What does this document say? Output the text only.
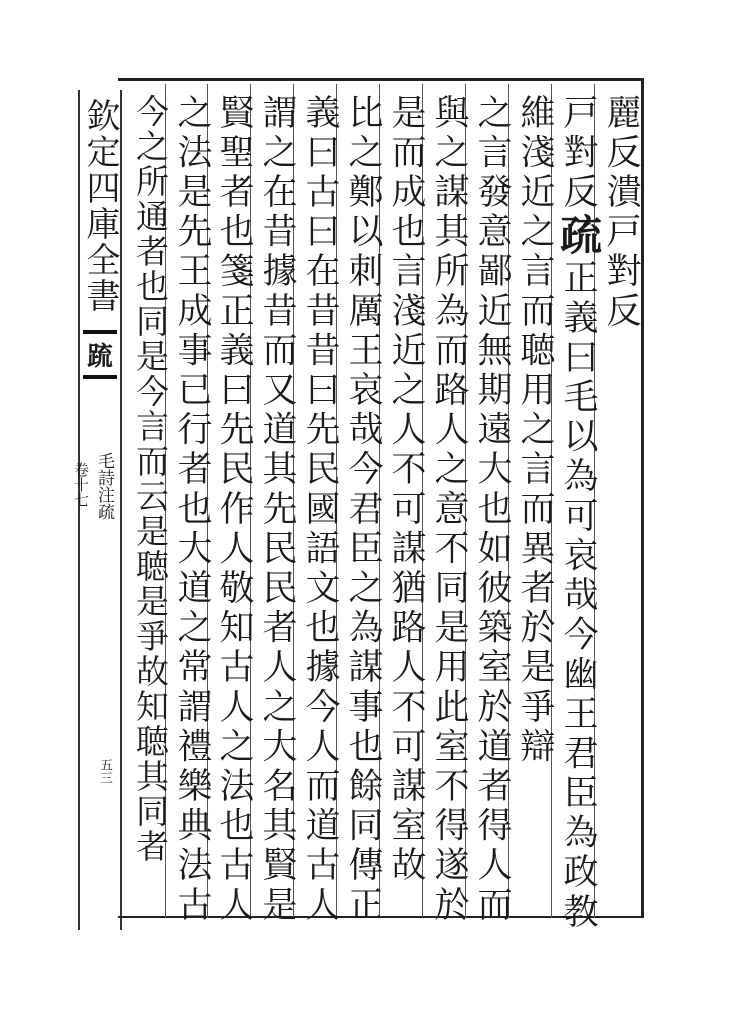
欽定四庫全書
䟽
毛詩注疏
卷十七
五三
麗反潰戸對反
戸對反疏正義曰毛以為可哀哉今幽王君臣為政教
維淺近之言而聴用之言而異者於是爭辯
之言發意鄙近無期遠大也如彼築室於道者得人而
與之謀其所為而路人之意不同是用此室不得遂於
是而成也言淺近之人不可謀猶路人不可謀室故
比之鄭以刺厲王哀哉今君臣之為謀事也餘同傳正
義曰古曰在昔昔曰先民國語文也據今人而道古人
謂之在昔據昔而又道其先民民者人之大名其賢是
賢聖者也箋正義曰先民作人敬知古人之法也古人
之法是先王成事已行者也大道之常謂禮樂典法古
今之所通者也同是今言而云是聴是爭故知聴其同者
